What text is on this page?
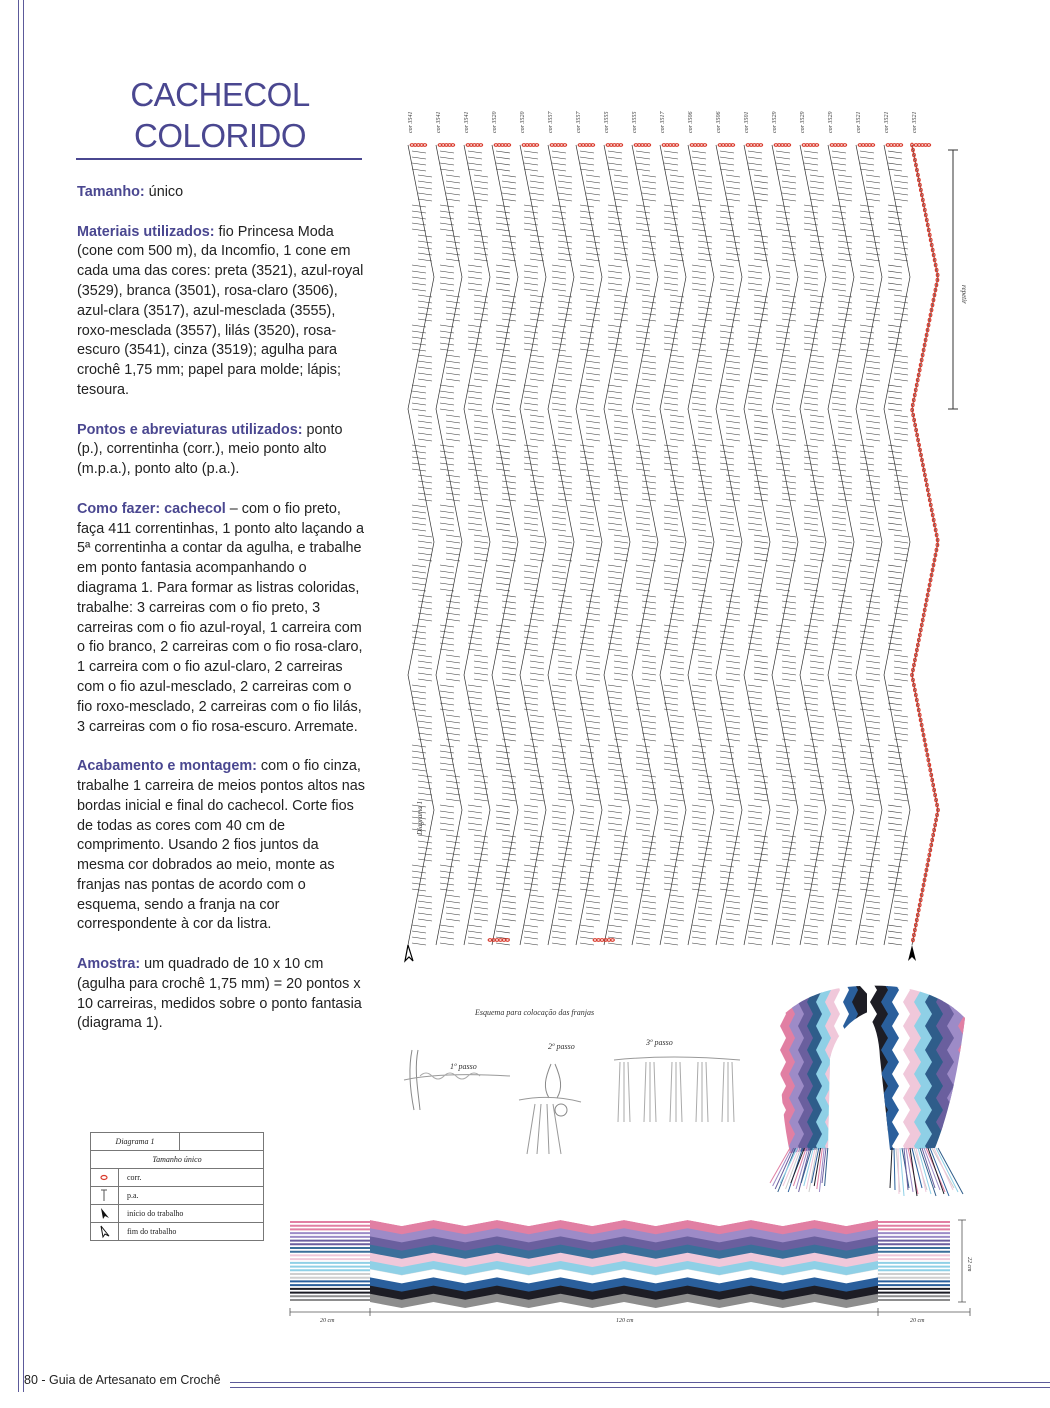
80 - Guia de Artesanato em Crochê
CACHECOL
COLORIDO

Tamanho: único

Materiais utilizados: fio Princesa Moda (cone com 500 m), da Incomfio, 1 cone em cada uma das cores: preta (3521), azul-royal (3529), branca (3501), rosa-claro (3506), azul-clara (3517), azul-mesclada (3555), roxo-mesclada (3557), lilás (3520), rosa-escuro (3541), cinza (3519); agulha para crochê 1,75 mm; papel para molde; lápis; tesoura.

Pontos e abreviaturas utilizados: ponto (p.), correntinha (corr.), meio ponto alto (m.p.a.), ponto alto (p.a.).

Como fazer: cachecol – com o fio preto, faça 411 correntinhas, 1 ponto alto laçando a 5ª correntinha a contar da agulha, e trabalhe em ponto fantasia acompanhando o diagrama 1. Para formar as listras coloridas, trabalhe: 3 carreiras com o fio preto, 3 carreiras com o fio azul-royal, 1 carreira com o fio branco, 2 carreiras com o fio rosa-claro, 1 carreira com o fio azul-claro, 2 carreiras com o fio azul-mesclado, 2 carreiras com o fio roxo-mesclado, 2 carreiras com o fio lilás, 3 carreiras com o fio rosa-escuro. Arremate.

Acabamento e montagem: com o fio cinza, trabalhe 1 carreira de meios pontos altos nas bordas inicial e final do cachecol. Corte fios de todas as cores com 40 cm de comprimento. Usando 2 fios juntos da mesma cor dobrados ao meio, monte as franjas nas pontas de acordo com o esquema, sendo a franja na cor correspondente à cor da listra.

Amostra: um quadrado de 10 x 10 cm (agulha para crochê 1,75 mm) = 20 pontos x 10 carreiras, medidos sobre o ponto fantasia (diagrama 1).

cor 3541	cor 3541	cor 3541	cor 3520	cor 3520	cor 3557	cor 3557	cor 3555	cor 3555	cor 3517	cor 3506	cor 3506	cor 3501	cor 3529	cor 3529	cor 3529	cor 3521	cor 3521	cor 3521
repetir
Diagrama 1
Esquema para colocação das franjas
1º passo
2º passo	3º passo
Diagrama 1
Tamanho único
corr.
p.a.
início do trabalho
fim do trabalho
20 cm	120 cm	20 cm
22 cm
